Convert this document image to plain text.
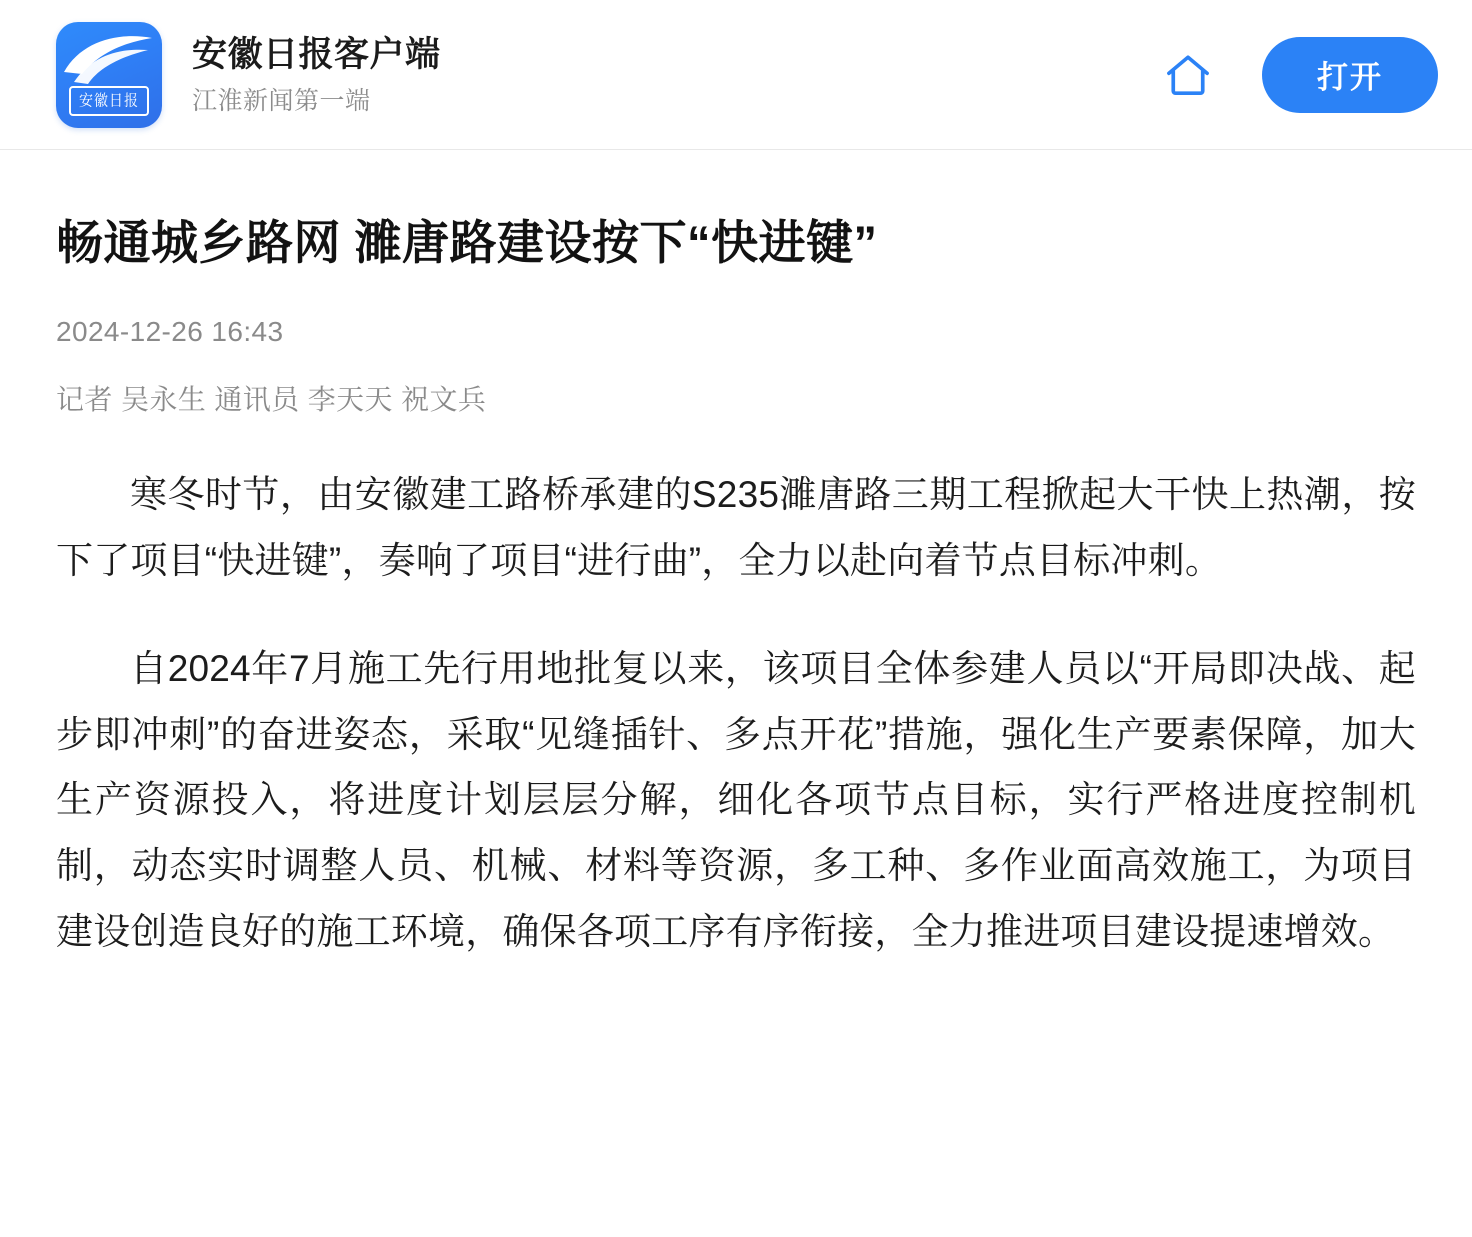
安徽日报
安徽日报客户端
江淮新闻第一端
打开
畅通城乡路网 濉唐路建设按下“快进键”
2024-12-26 16:43
记者 吴永生 通讯员 李天天 祝文兵

寒冬时节，由安徽建工路桥承建的S235濉唐路三期工程掀起大干快上热潮，按下了项目“快进键”，奏响了项目“进行曲”，全力以赴向着节点目标冲刺。

自2024年7月施工先行用地批复以来，该项目全体参建人员以“开局即决战、起步即冲刺”的奋进姿态，采取“见缝插针、多点开花”措施，强化生产要素保障，加大生产资源投入，将进度计划层层分解，细化各项节点目标，实行严格进度控制机制，动态实时调整人员、机械、材料等资源，多工种、多作业面高效施工，为项目建设创造良好的施工环境，确保各项工序有序衔接，全力推进项目建设提速增效。
